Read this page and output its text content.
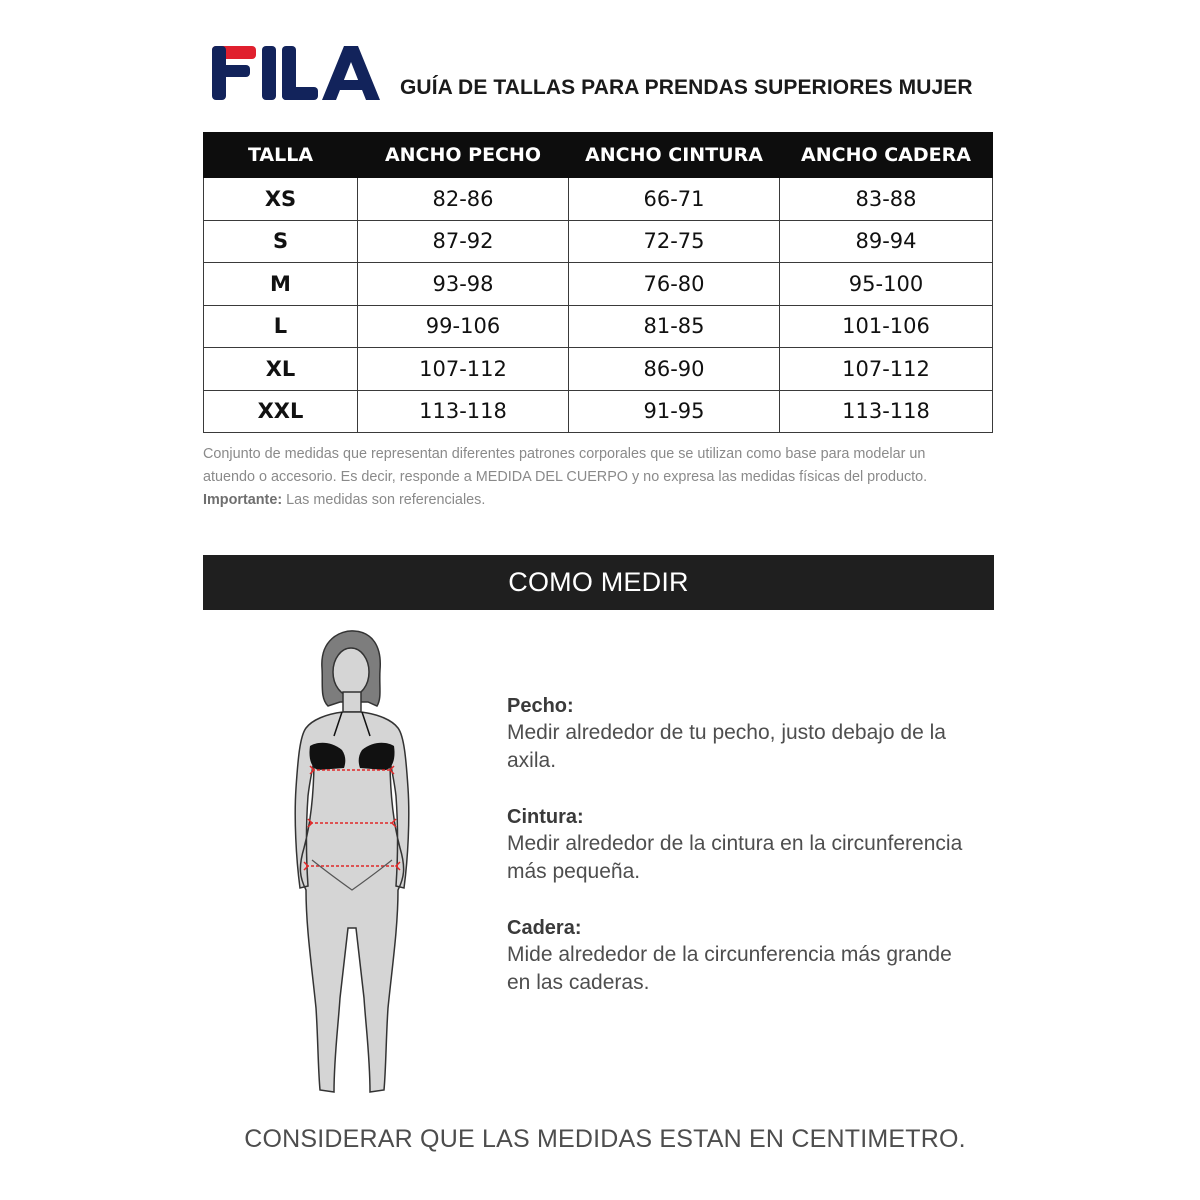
GUÍA DE TALLAS PARA PRENDAS SUPERIORES MUJER
TALLA	ANCHO PECHO	ANCHO CINTURA	ANCHO CADERA
XS	82-86	66-71	83-88
S	87-92	72-75	89-94
M	93-98	76-80	95-100
L	99-106	81-85	101-106
XL	107-112	86-90	107-112
XXL	113-118	91-95	113-118
Conjunto de medidas que representan diferentes patrones corporales que se utilizan como base para modelar un
atuendo o accesorio. Es decir, responde a MEDIDA DEL CUERPO y no expresa las medidas físicas del producto.
Importante: Las medidas son referenciales.
COMO MEDIR
Pecho:
Medir alrededor de tu pecho, justo debajo de la
axila.
Cintura:
Medir alrededor de la cintura en la circunferencia
más pequeña.
Cadera:
Mide alrededor de la circunferencia más grande
en las caderas.
CONSIDERAR QUE LAS MEDIDAS ESTAN EN CENTIMETRO.
